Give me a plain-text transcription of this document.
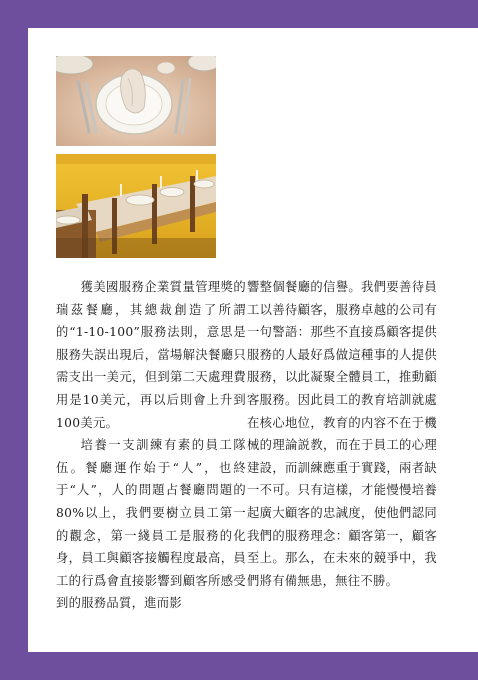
獲美國服務企業質量管理獎的瑞茲餐廳，其總裁創造了所謂的“1-10-100”服務法則，意思是服務失誤出現后，當場解決餐廳只需支出一美元，但到第二天處理費用是10美元，再以后則會上升到100美元。

培養一支訓練有素的員工隊伍。餐廳運作始于“人”，也終于“人”，人的問題占餐廳問題的80%以上，我們要樹立員工第一的觀念，第一綫員工是服務的化身，員工與顧客接觸程度最高，員工的行爲會直接影響到顧客所感受到的服務品質，進而影

響整個餐廳的信譽。我們要善待員工以善待顧客，服務卓越的公司有一句警語：那些不直接爲顧客提供服務的人最好爲做這種事的人提供服務，以此凝聚全體員工，推動顧客服務。因此員工的教育培訓就處在核心地位，教育的内容不在于機械的理論説教，而在于員工的心理建設，而訓練應重于實踐，兩者缺一不可。只有這樣，才能慢慢培養起廣大顧客的忠誠度，使他們認同我們的服務理念：顧客第一，顧客至上。那么，在未來的競爭中，我們將有備無患，無往不勝。
